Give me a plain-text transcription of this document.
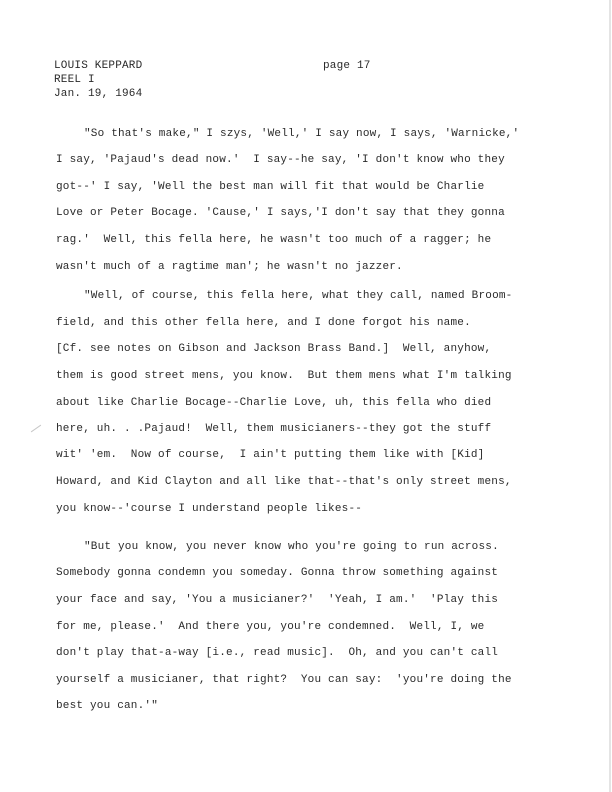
LOUIS KEPPARD
REEL I
Jan. 19, 1964
page 17
"So that's make," I szys, 'Well,' I say now, I says, 'Warnicke,'
I say, 'Pajaud's dead now.'  I say--he say, 'I don't know who they
got--' I say, 'Well the best man will fit that would be Charlie
Love or Peter Bocage. 'Cause,' I says,'I don't say that they gonna
rag.'  Well, this fella here, he wasn't too much of a ragger; he
wasn't much of a ragtime man'; he wasn't no jazzer.
"Well, of course, this fella here, what they call, named Broom-
field, and this other fella here, and I done forgot his name.
[Cf. see notes on Gibson and Jackson Brass Band.]  Well, anyhow,
them is good street mens, you know.  But them mens what I'm talking
about like Charlie Bocage--Charlie Love, uh, this fella who died
here, uh. . .Pajaud!  Well, them musicianers--they got the stuff
wit' 'em.  Now of course,  I ain't putting them like with [Kid]
Howard, and Kid Clayton and all like that--that's only street mens,
you know--'course I understand people likes--
"But you know, you never know who you're going to run across.
Somebody gonna condemn you someday. Gonna throw something against
your face and say, 'You a musicianer?'  'Yeah, I am.'  'Play this
for me, please.'  And there you, you're condemned.  Well, I, we
don't play that-a-way [i.e., read music].  Oh, and you can't call
yourself a musicianer, that right?  You can say:  'you're doing the
best you can.'"
